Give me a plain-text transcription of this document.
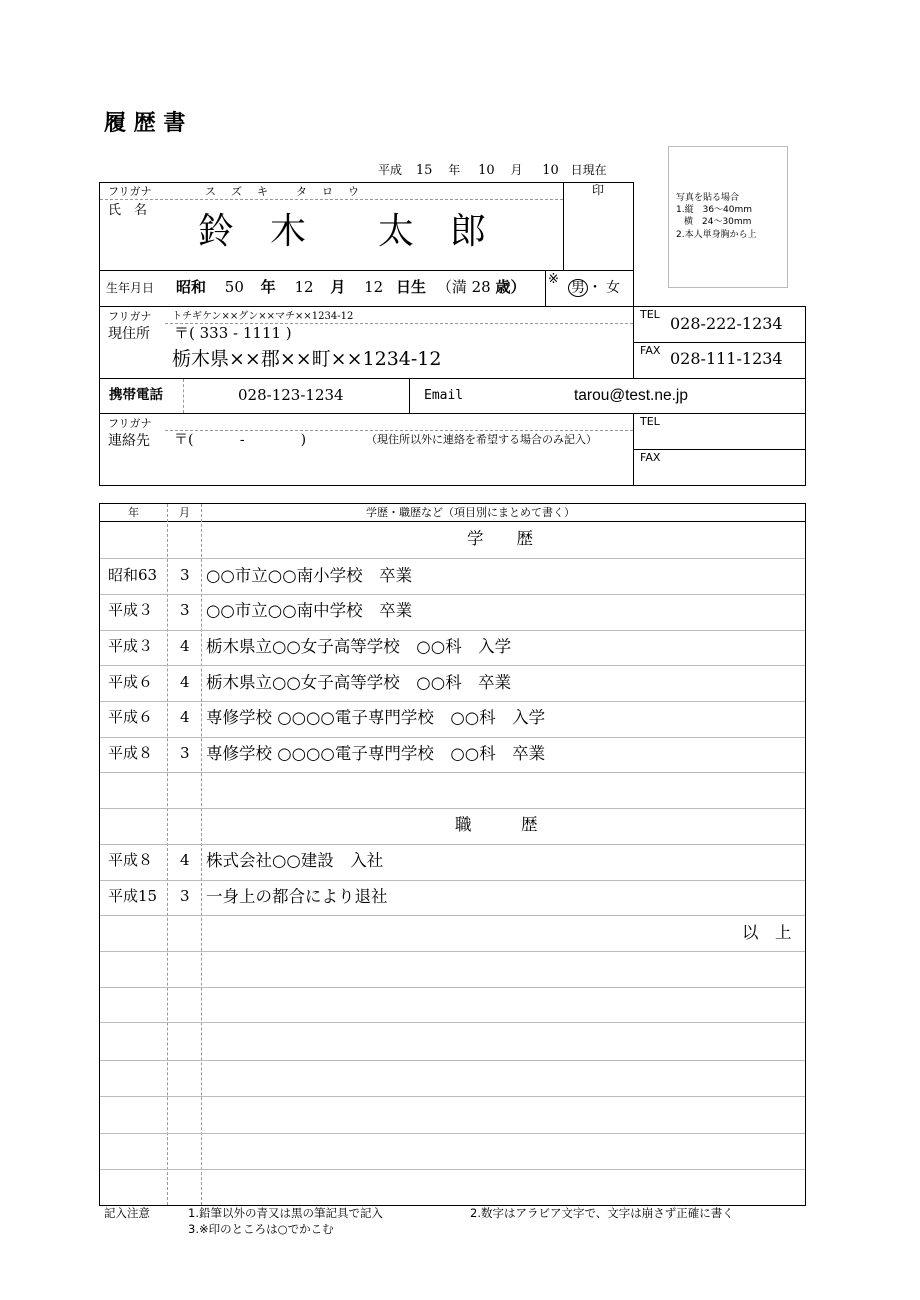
履 歴 書
平成 15 年 10 月 10 日現在
写真を貼る場合
1.縦　36～40mm
横　24～30mm
2.本人単身胸から上
フリガナ	ス　ズ　キ　　タ　ロ　ウ
氏　名
鈴　木　　太　郎
印
生年月日 昭和 50 年 12 月 12 日生 （満 28 歳） ※
男 ・ 女
フリガナ トチギケン××グン××マチ××1234-12
現住所 〒( 333 - 1111 )
栃木県××郡××町××1234-12
TEL 028-222-1234
FAX 028-111-1234
携帯電話	028-123-1234	Email	tarou@test.ne.jp
フリガナ
連絡先 〒(　　　 -　　　　)	（現住所以外に連絡を希望する場合のみ記入）
TEL
FAX
年	月	学歴・職歴など（項目別にまとめて書く）
学　　歴
昭和63 3 ○○市立○○南小学校　卒業
平成３ 3 ○○市立○○南中学校　卒業
平成３ 4 栃木県立○○女子高等学校　○○科　入学
平成６ 4 栃木県立○○女子高等学校　○○科　卒業
平成６ 4 専修学校 ○○○○電子専門学校　○○科　入学
平成８ 3 専修学校 ○○○○電子専門学校　○○科　卒業
職　　　歴
平成８ 4 株式会社○○建設　入社
平成15 3 一身上の都合により退社
以　上
記入注意	1.鉛筆以外の青又は黒の筆記具で記入	2.数字はアラビア文字で、文字は崩さず正確に書く
3.※印のところは○でかこむ
